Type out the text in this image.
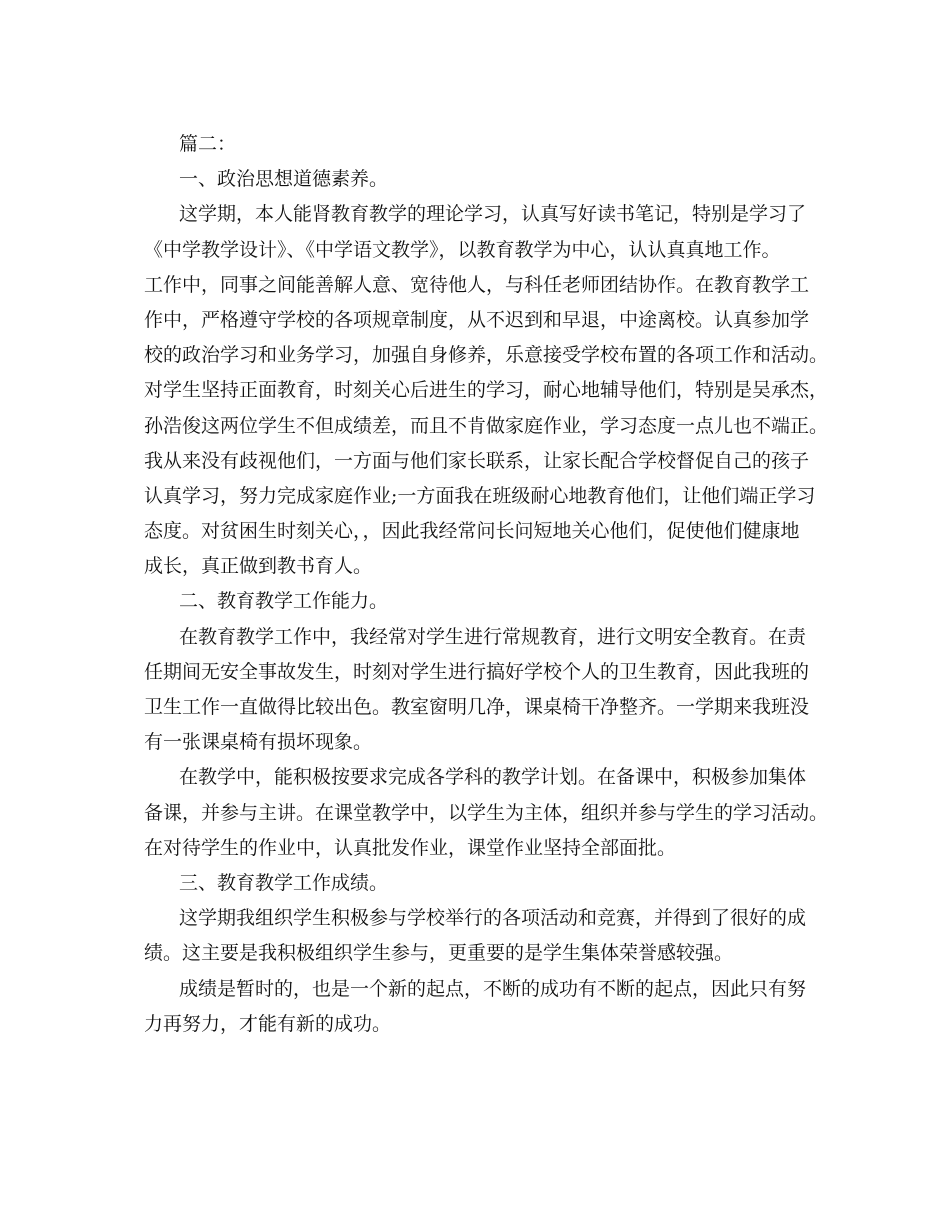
篇二：
一、政治思想道德素养。
这学期，本人能肾教育教学的理论学习，认真写好读书笔记，特别是学习了
《中学教学设计》、《中学语文教学》，以教育教学为中心，认认真真地工作。
工作中，同事之间能善解人意、宽待他人，与科任老师团结协作。在教育教学工
作中，严格遵守学校的各项规章制度，从不迟到和早退，中途离校。认真参加学
校的政治学习和业务学习，加强自身修养，乐意接受学校布置的各项工作和活动。
对学生坚持正面教育，时刻关心后进生的学习，耐心地辅导他们，特别是吴承杰，
孙浩俊这两位学生不但成绩差，而且不肯做家庭作业，学习态度一点儿也不端正。
我从来没有歧视他们，一方面与他们家长联系，让家长配合学校督促自己的孩子
认真学习，努力完成家庭作业;一方面我在班级耐心地教育他们，让他们端正学习
态度。对贫困生时刻关心，，因此我经常问长问短地关心他们，促使他们健康地
成长，真正做到教书育人。
二、教育教学工作能力。
在教育教学工作中，我经常对学生进行常规教育，进行文明安全教育。在责
任期间无安全事故发生，时刻对学生进行搞好学校个人的卫生教育，因此我班的
卫生工作一直做得比较出色。教室窗明几净，课桌椅干净整齐。一学期来我班没
有一张课桌椅有损坏现象。
在教学中，能积极按要求完成各学科的教学计划。在备课中，积极参加集体
备课，并参与主讲。在课堂教学中，以学生为主体，组织并参与学生的学习活动。
在对待学生的作业中，认真批发作业，课堂作业坚持全部面批。
三、教育教学工作成绩。
这学期我组织学生积极参与学校举行的各项活动和竞赛，并得到了很好的成
绩。这主要是我积极组织学生参与，更重要的是学生集体荣誉感较强。
成绩是暂时的，也是一个新的起点，不断的成功有不断的起点，因此只有努
力再努力，才能有新的成功。
